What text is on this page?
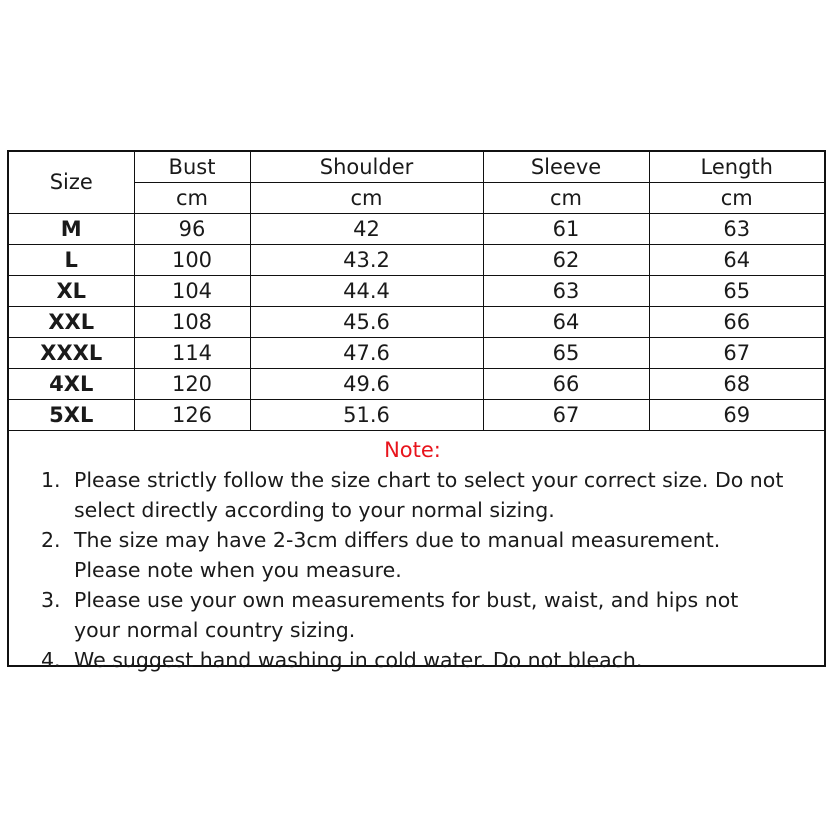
Size	Bust	Shoulder	Sleeve	Length
	cm	cm	cm	cm
M	96	42	61	63
L	100	43.2	62	64
XL	104	44.4	63	65
XXL	108	45.6	64	66
XXXL	114	47.6	65	67
4XL	120	49.6	66	68
5XL	126	51.6	67	69
Note:
1. Please strictly follow the size chart to select your correct size. Do not select directly according to your normal sizing.
2. The size may have 2-3cm differs due to manual measurement. Please note when you measure.
3. Please use your own measurements for bust, waist, and hips not your normal country sizing.
4. We suggest hand washing in cold water. Do not bleach.
